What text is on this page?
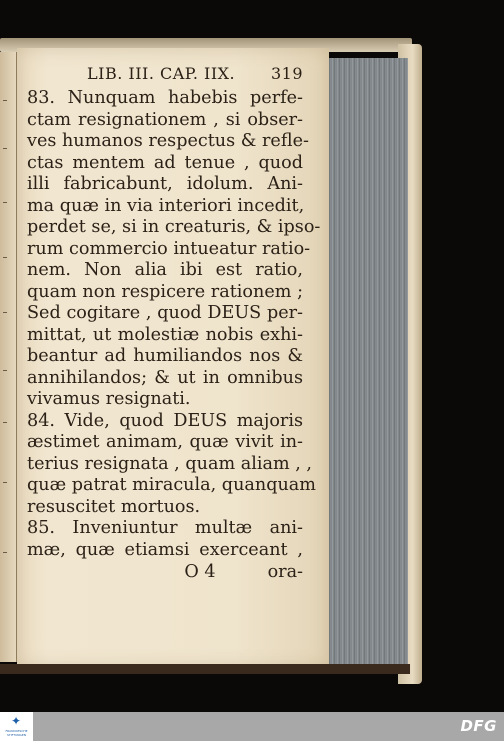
LIB. III. CAP. IIX. 319
83. Nunquam habebis perfe-
ctam resignationem , si obser-
ves humanos respectus & refle-
ctas mentem ad tenue , quod
illi fabricabunt, idolum. Ani-
ma quæ in via interiori incedit,
perdet se, si in creaturis, & ipso-
rum commercio intueatur ratio-
nem. Non alia ibi est ratio,
quam non respicere rationem ;
Sed cogitare , quod DEUS per-
mittat, ut molestiæ nobis exhi-
beantur ad humiliandos nos &
annihilandos; & ut in omnibus
vivamus resignati.
84. Vide, quod DEUS majoris
æstimet animam, quæ vivit in-
terius resignata , quam aliam , ,
quæ patrat miracula, quanquam
resuscitet mortuos.
85. Inveniuntur multæ ani-
mæ, quæ etiamsi exerceant ,
O 4	ora-
✦
FRANCKESCHE STIFTUNGEN	DFG
